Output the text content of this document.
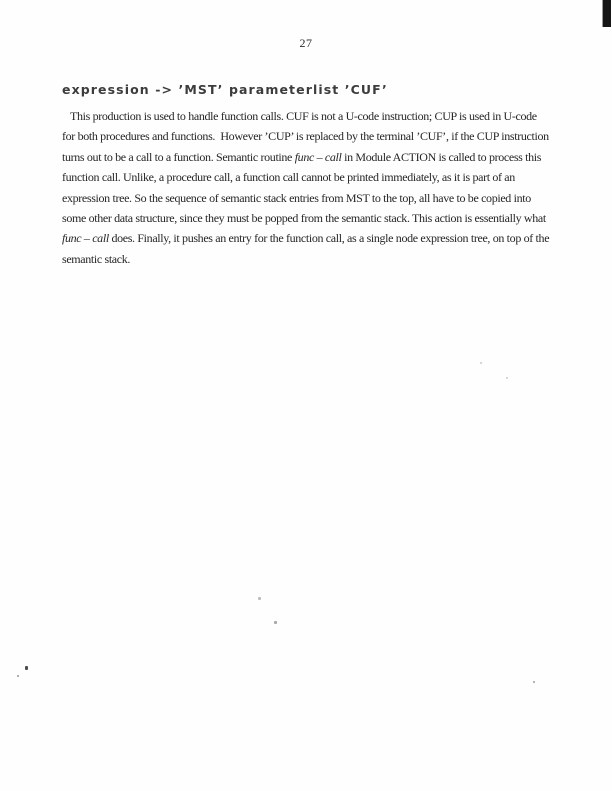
27
expression -> ’MST’ parameterlist ’CUF’
This production is used to handle function calls. CUF is not a U-code instruction; CUP is used in U-code
for both procedures and functions.  However ’CUP’ is replaced by the terminal ’CUF’, if the CUP instruction
turns out to be a call to a function. Semantic routine func – call in Module ACTION is called to process this
function call. Unlike, a procedure call, a function call cannot be printed immediately, as it is part of an
expression tree. So the sequence of semantic stack entries from MST to the top, all have to be copied into
some other data structure, since they must be popped from the semantic stack. This action is essentially what
func – call does. Finally, it pushes an entry for the function call, as a single node expression tree, on top of the
semantic stack.
